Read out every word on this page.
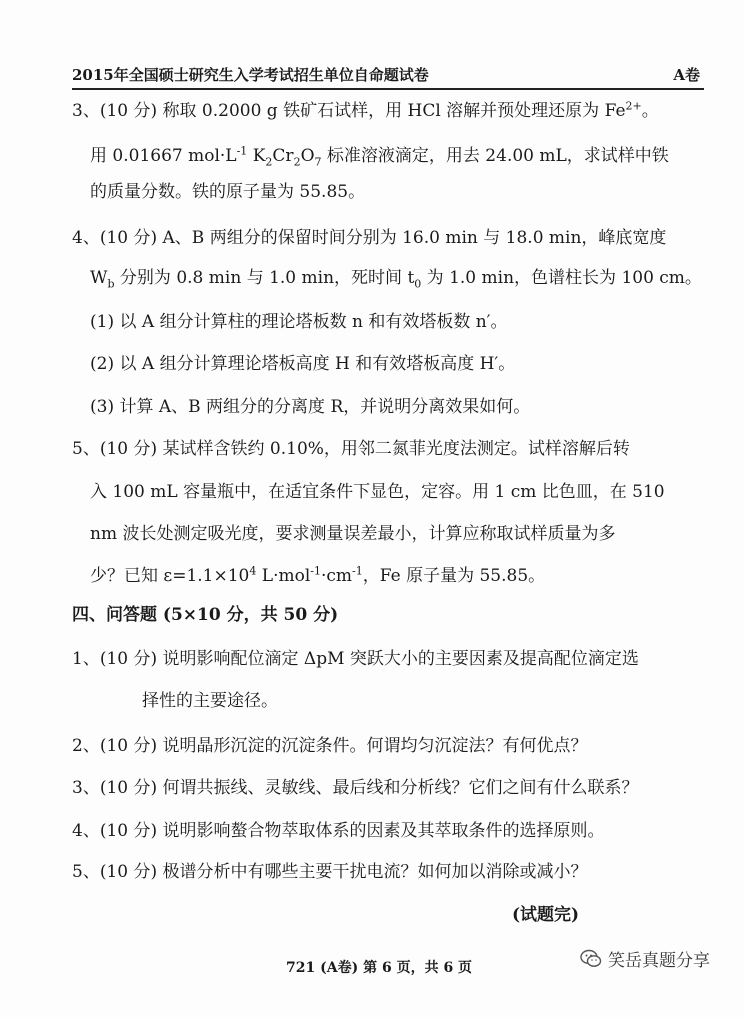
2015年全国硕士研究生入学考试招生单位自命题试卷	A卷
3、(10 分) 称取 0.2000 g 铁矿石试样，用 HCl 溶解并预处理还原为 $Fe^{2+}$。
用 0.01667 $mol\cdot L^{-1}$ $K_2Cr_2O_7$ 标准溶液滴定，用去 24.00 mL，求试样中铁
的质量分数。铁的原子量为 55.85。
4、(10 分) A、B 两组分的保留时间分别为 16.0 min 与 18.0 min，峰底宽度
$W_b$ 分别为 0.8 min 与 1.0 min，死时间 $t_0$ 为 1.0 min，色谱柱长为 100 cm。
(1) 以 A 组分计算柱的理论塔板数 n 和有效塔板数 n′。
(2) 以 A 组分计算理论塔板高度 H 和有效塔板高度 H′。
(3) 计算 A、B 两组分的分离度 R，并说明分离效果如何。
5、(10 分) 某试样含铁约 0.10%，用邻二氮菲光度法测定。试样溶解后转
入 100 mL 容量瓶中，在适宜条件下显色，定容。用 1 cm 比色皿，在 510
nm 波长处测定吸光度，要求测量误差最小，计算应称取试样质量为多
少？已知 $\varepsilon=1.1\times 10^4$ $L\cdot mol^{-1}\cdot cm^{-1}$，Fe 原子量为 55.85。
四、问答题 (5×10 分，共 50 分)
1、(10 分) 说明影响配位滴定 ΔpM 突跃大小的主要因素及提高配位滴定选
择性的主要途径。
2、(10 分) 说明晶形沉淀的沉淀条件。何谓均匀沉淀法？有何优点？
3、(10 分) 何谓共振线、灵敏线、最后线和分析线？它们之间有什么联系？
4、(10 分) 说明影响螯合物萃取体系的因素及其萃取条件的选择原则。
5、(10 分) 极谱分析中有哪些主要干扰电流？如何加以消除或减小？
(试题完)
721 (A卷) 第 6 页，共 6 页	笑岳真题分享
